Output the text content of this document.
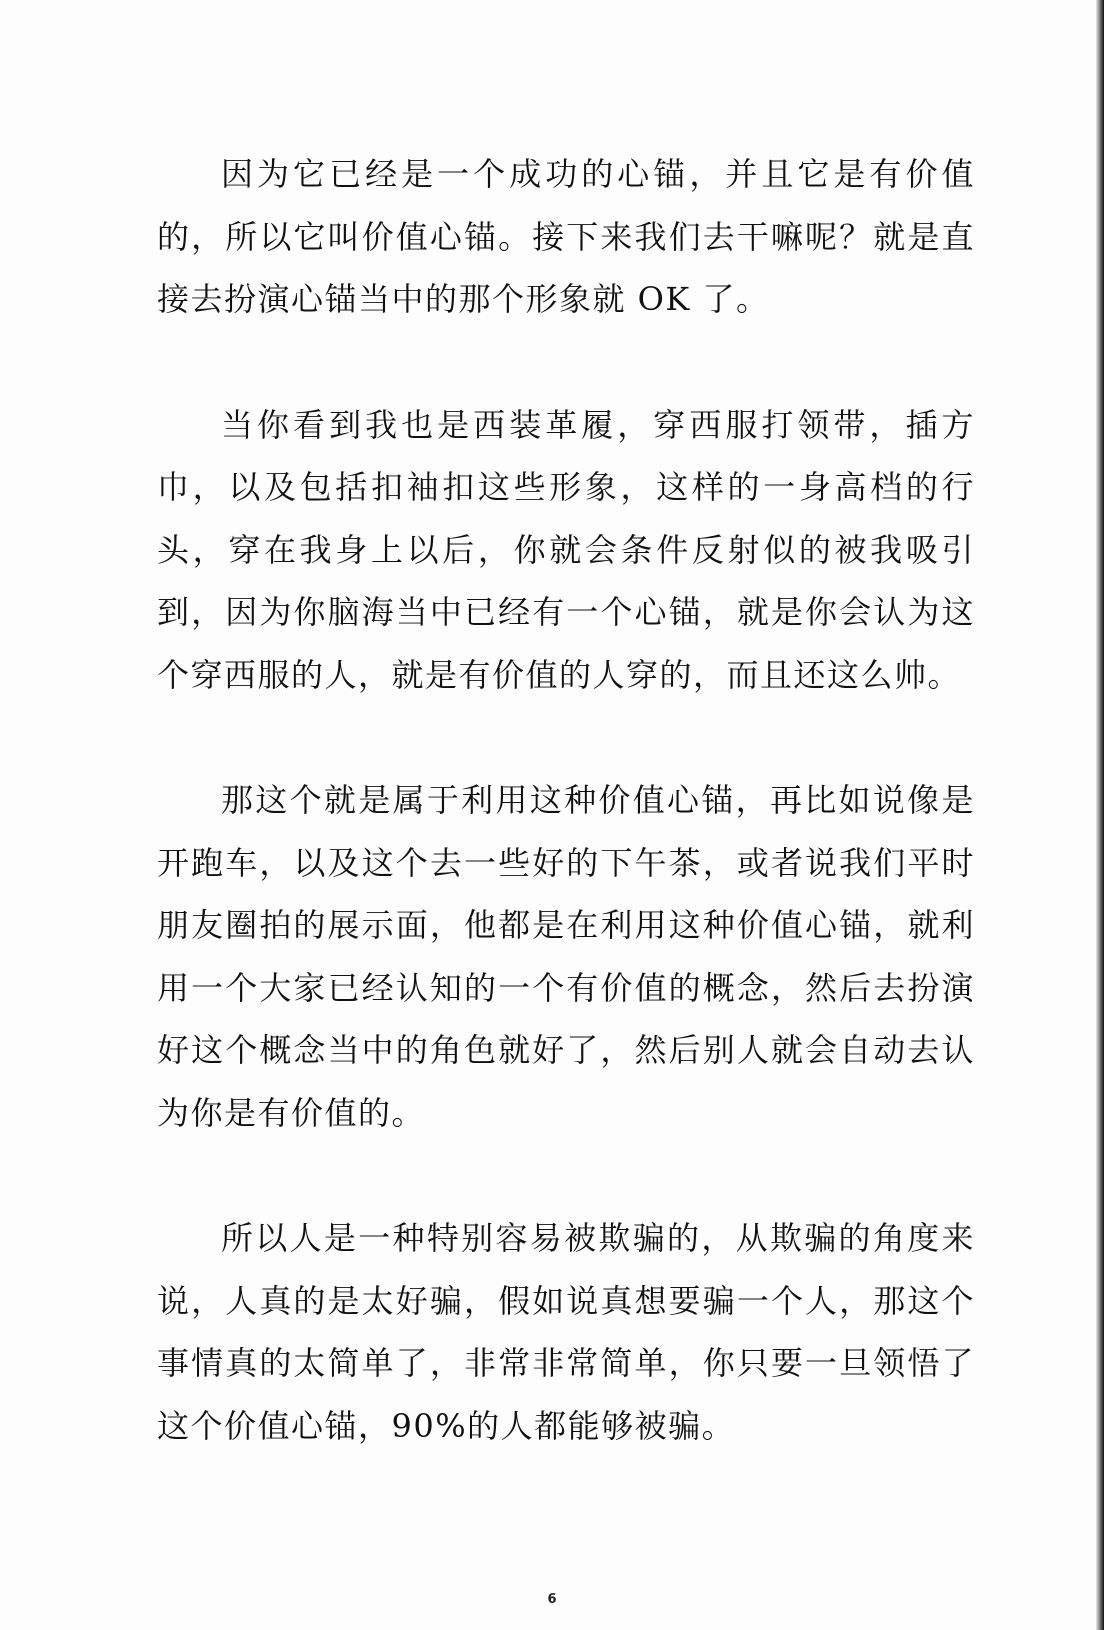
因为它已经是一个成功的心锚，并且它是有价值的，所以它叫价值心锚。接下来我们去干嘛呢？就是直接去扮演心锚当中的那个形象就 OK 了。

当你看到我也是西装革履，穿西服打领带，插方巾，以及包括扣袖扣这些形象，这样的一身高档的行头，穿在我身上以后，你就会条件反射似的被我吸引到，因为你脑海当中已经有一个心锚，就是你会认为这个穿西服的人，就是有价值的人穿的，而且还这么帅。

那这个就是属于利用这种价值心锚，再比如说像是开跑车，以及这个去一些好的下午茶，或者说我们平时朋友圈拍的展示面，他都是在利用这种价值心锚，就利用一个大家已经认知的一个有价值的概念，然后去扮演好这个概念当中的角色就好了，然后别人就会自动去认为你是有价值的。

所以人是一种特别容易被欺骗的，从欺骗的角度来说，人真的是太好骗，假如说真想要骗一个人，那这个事情真的太简单了，非常非常简单，你只要一旦领悟了这个价值心锚，90%的人都能够被骗。

6
